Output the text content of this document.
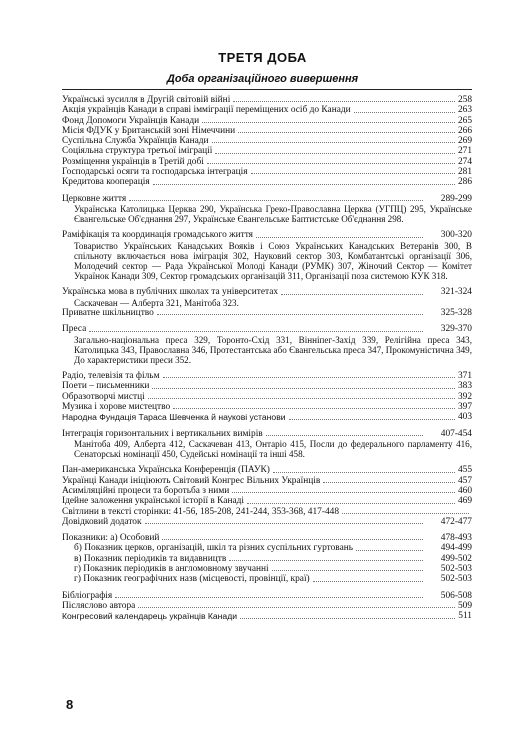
ТРЕТЯ ДОБА
Доба організаційного вивершення
Українські зусилля в Другій світовій війні	258
Акція українців Канади в справі імміграції переміщених осіб до Канади	263
Фонд Допомоги Українців Канади	265
Місія ФДУК у Британській зоні Німеччини	266
Суспільна Служба Українців Канади	269
Соціяльна структура третьої іміграції	271
Розміщення українців в Третій добі	274
Господарські осяги та господарська інтеграція	281
Кредитова кооперація	286
Церковне життя	289-299
Українська Католицька Церква 290, Українська Греко-Православна Церква (УГПЦ) 295, Українське Євангельське Об'єднання 297, Українське Євангельське Баптистське Об'єднання 298.
Раміфікація та координація громадського життя	300-320
Товариство Українських Канадських Вояків і Союз Українських Канадських Ветеранів 300, В спільноту включається нова іміграція 302, Науковий сектор 303, Комбатантські організації 306, Молодечий сектор — Рада Української Молоді Канади (РУМК) 307, Жіночий Сектор — Комітет Українок Канади 309, Сектор громадських організацій 311, Організації поза системою КУК 318.
Українська мова в публічних школах та університетах	321-324
Саскачеван — Алберта 321, Манітоба 323.
Приватне шкільництво	325-328
Преса	329-370
Загально-національна преса 329, Торонто-Схід 331, Вінніпег-Захід 339, Релігійна преса 343, Католицька 343, Православна 346, Протестантська або Євангельська преса 347, Прокомуністична 349, До характеристики преси 352.
Радіо, телевізія та фільм	371
Поети – письменники	383
Образотворчі мистці	392
Музика і хорове мистецтво	397
Народна Фундація Тараса Шевченка й наукові установи	403
Інтеграція горизонтальних і вертикальних вимірів	407-454
Манітоба 409, Алберта 412, Саскачеван 413, Онтаріо 415, Посли до федерального парламенту 416, Сенаторські номінації 450, Судейські номінації та інші 458.
Пан-американська Українська Конференція (ПАУК)	455
Українці Канади ініціюють Світовий Конгрес Вільних Українців	457
Асиміляційні процеси та боротьба з ними	460
Ідейне заложення української історії в Канаді	469
Світлини в тексті сторінки: 41-56, 185-208, 241-244, 353-368, 417-448
Довідковий додаток	472-477
Показники: а) Особовий	478-493
б) Показник церков, організацій, шкіл та різних суспільних гуртовань	494-499
в) Показник періодиків та видавництв	499-502
г) Показник періодиків в англомовному звучанні	502-503
г) Показник географічних назв (місцевості, провінції, краї)	502-503
Бібліографія	506-508
Післяслово автора	509
Конгресовий календарець українців Канади	511
8
